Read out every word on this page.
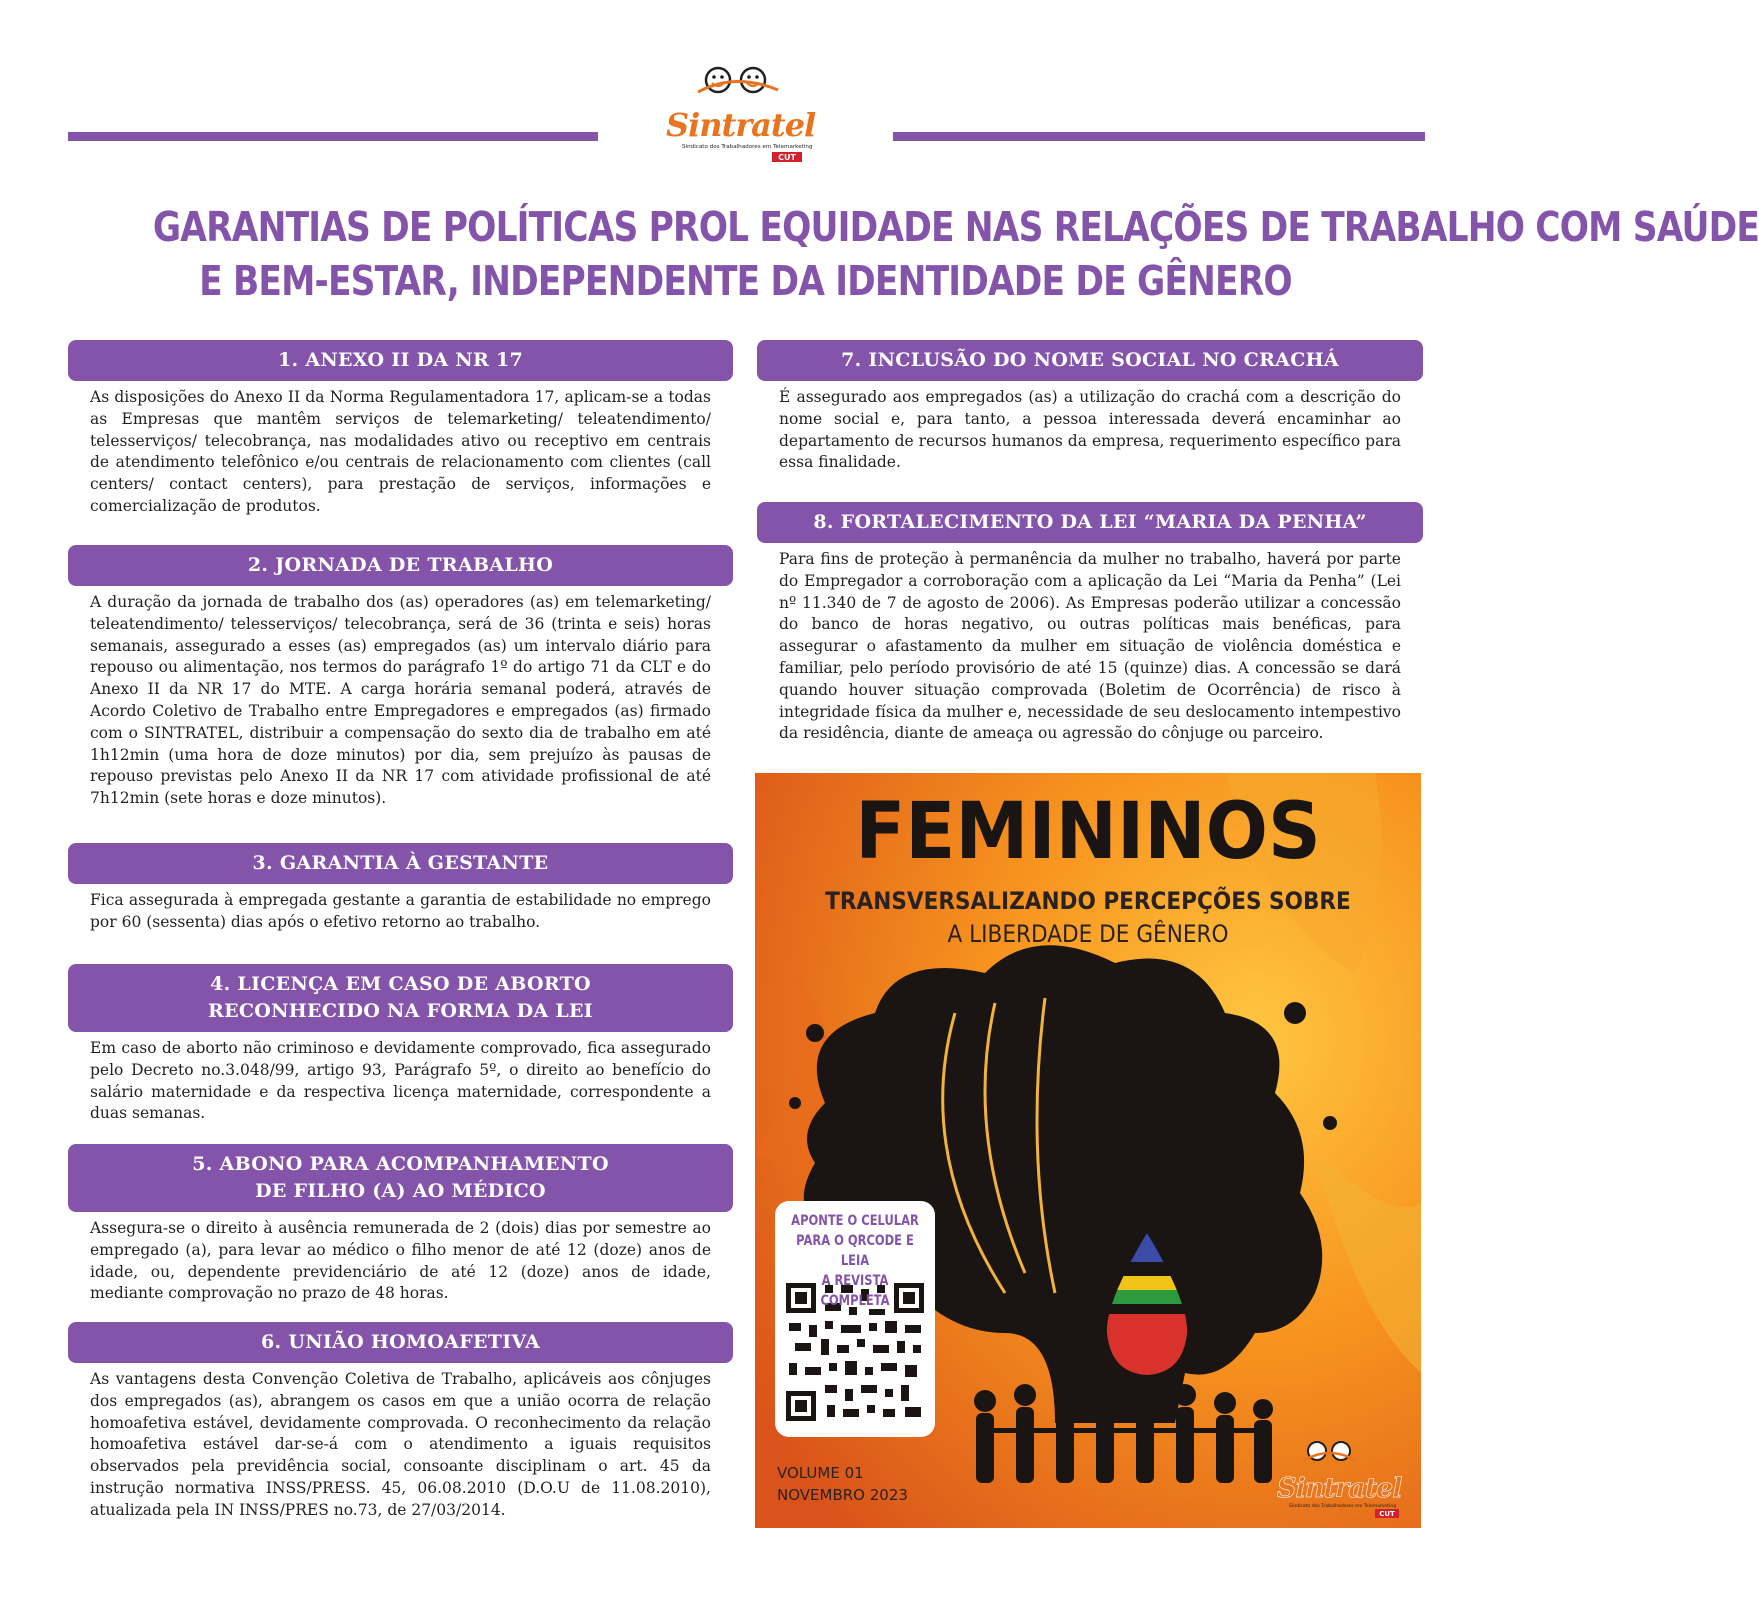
Sintratel
Sindicato dos Trabalhadores em Telemarketing
CUT
GARANTIAS DE POLÍTICAS PROL EQUIDADE NAS RELAÇÕES DE TRABALHO COM SAÚDE
E BEM-ESTAR, INDEPENDENTE DA IDENTIDADE DE GÊNERO
1. ANEXO II DA NR 17

As disposições do Anexo II da Norma Regulamentadora 17, aplicam-se a todas as Empresas que mantêm serviços de telemarketing/ teleatendimento/ telesserviços/ telecobrança, nas modalidades ativo ou receptivo em centrais de atendimento telefônico e/ou centrais de relacionamento com clientes (call centers/ contact centers), para prestação de serviços, informações e comercialização de produtos.

2. JORNADA DE TRABALHO

A duração da jornada de trabalho dos (as) operadores (as) em telemarketing/ teleatendimento/ telesserviços/ telecobrança, será de 36 (trinta e seis) horas semanais, assegurado a esses (as) empregados (as) um intervalo diário para repouso ou alimentação, nos termos do parágrafo 1º do artigo 71 da CLT e do Anexo II da NR 17 do MTE. A carga horária semanal poderá, através de Acordo Coletivo de Trabalho entre Empregadores e empregados (as) firmado com o SINTRATEL, distribuir a compensação do sexto dia de trabalho em até 1h12min (uma hora de doze minutos) por dia, sem prejuízo às pausas de repouso previstas pelo Anexo II da NR 17 com atividade profissional de até 7h12min (sete horas e doze minutos).

3. GARANTIA À GESTANTE

Fica assegurada à empregada gestante a garantia de estabilidade no emprego por 60 (sessenta) dias após o efetivo retorno ao trabalho.

4. LICENÇA EM CASO DE ABORTO
RECONHECIDO NA FORMA DA LEI

Em caso de aborto não criminoso e devidamente comprovado, fica assegurado pelo Decreto no.3.048/99, artigo 93, Parágrafo 5º, o direito ao benefício do salário maternidade e da respectiva licença maternidade, correspondente a duas semanas.

5. ABONO PARA ACOMPANHAMENTO
DE FILHO (A) AO MÉDICO

Assegura-se o direito à ausência remunerada de 2 (dois) dias por semestre ao empregado (a), para levar ao médico o filho menor de até 12 (doze) anos de idade, ou, dependente previdenciário de até 12 (doze) anos de idade, mediante comprovação no prazo de 48 horas.

6. UNIÃO HOMOAFETIVA

As vantagens desta Convenção Coletiva de Trabalho, aplicáveis aos cônjuges dos empregados (as), abrangem os casos em que a união ocorra de relação homoafetiva estável, devidamente comprovada. O reconhecimento da relação homoafetiva estável dar-se-á com o atendimento a iguais requisitos observados pela previdência social, consoante disciplinam o art. 45 da instrução normativa INSS/PRESS. 45, 06.08.2010 (D.O.U de 11.08.2010), atualizada pela IN INSS/PRES no.73, de 27/03/2014.

7. INCLUSÃO DO NOME SOCIAL NO CRACHÁ

É assegurado aos empregados (as) a utilização do crachá com a descrição do nome social e, para tanto, a pessoa interessada deverá encaminhar ao departamento de recursos humanos da empresa, requerimento específico para essa finalidade.

8. FORTALECIMENTO DA LEI “MARIA DA PENHA”

Para fins de proteção à permanência da mulher no trabalho, haverá por parte do Empregador a corroboração com a aplicação da Lei “Maria da Penha” (Lei nº 11.340 de 7 de agosto de 2006). As Empresas poderão utilizar a concessão do banco de horas negativo, ou outras políticas mais benéficas, para assegurar o afastamento da mulher em situação de violência doméstica e familiar, pelo período provisório de até 15 (quinze) dias. A concessão se dará quando houver situação comprovada (Boletim de Ocorrência) de risco à integridade física da mulher e, necessidade de seu deslocamento intempestivo da residência, diante de ameaça ou agressão do cônjuge ou parceiro.

Sintratel
Sindicato dos Trabalhadores em Telemarketing
CUT
FEMININOS
TRANSVERSALIZANDO PERCEPÇÕES SOBRE
A LIBERDADE DE GÊNERO
APONTE O CELULAR
PARA O QRCODE E LEIA
A REVISTA COMPLETA
VOLUME 01
NOVEMBRO 2023
